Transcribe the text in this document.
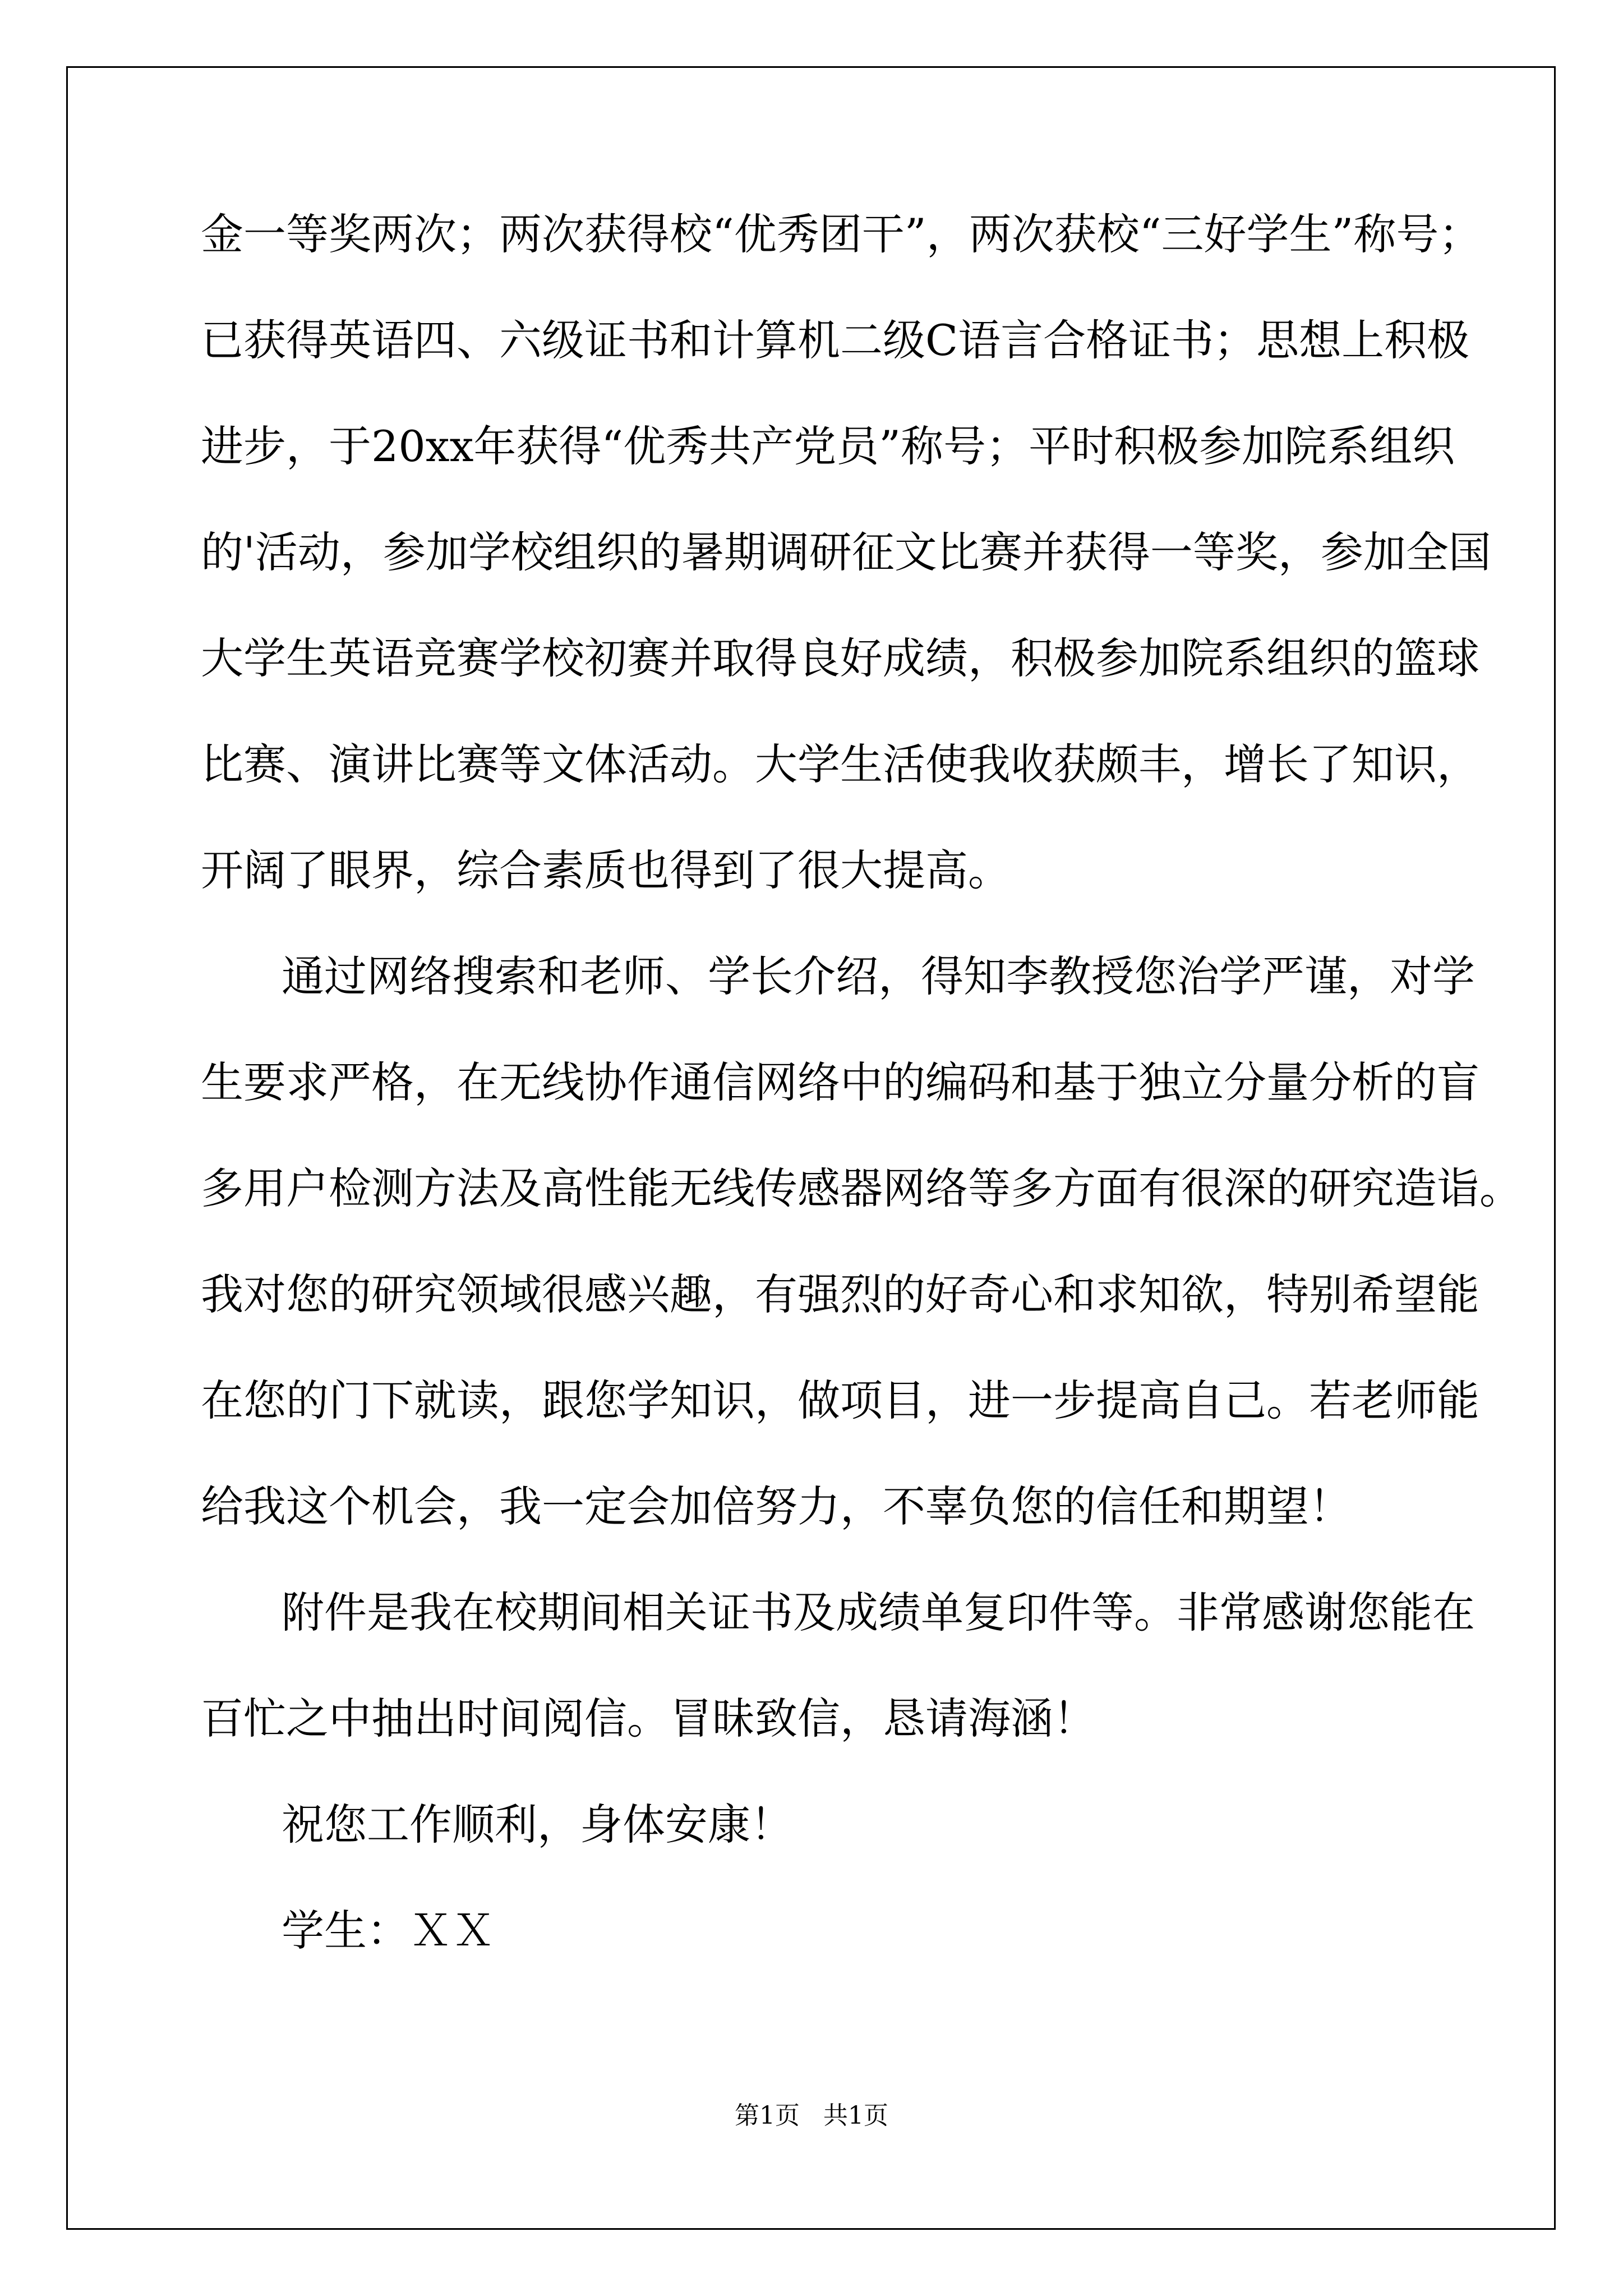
金一等奖两次；两次获得校“优秀团干”，两次获校“三好学生”称号；
已获得英语四、六级证书和计算机二级C语言合格证书；思想上积极
进步，于20xx年获得“优秀共产党员”称号；平时积极参加院系组织
的'活动，参加学校组织的暑期调研征文比赛并获得一等奖，参加全国
大学生英语竞赛学校初赛并取得良好成绩，积极参加院系组织的篮球
比赛、演讲比赛等文体活动。大学生活使我收获颇丰，增长了知识，
开阔了眼界，综合素质也得到了很大提高。
通过网络搜索和老师、学长介绍，得知李教授您治学严谨，对学
生要求严格，在无线协作通信网络中的编码和基于独立分量分析的盲
多用户检测方法及高性能无线传感器网络等多方面有很深的研究造诣。
我对您的研究领域很感兴趣，有强烈的好奇心和求知欲，特别希望能
在您的门下就读，跟您学知识，做项目，进一步提高自己。若老师能
给我这个机会，我一定会加倍努力，不辜负您的信任和期望！
附件是我在校期间相关证书及成绩单复印件等。非常感谢您能在
百忙之中抽出时间阅信。冒昧致信，恳请海涵！
祝您工作顺利，身体安康！
学生：ＸＸ
第1页   共1页
